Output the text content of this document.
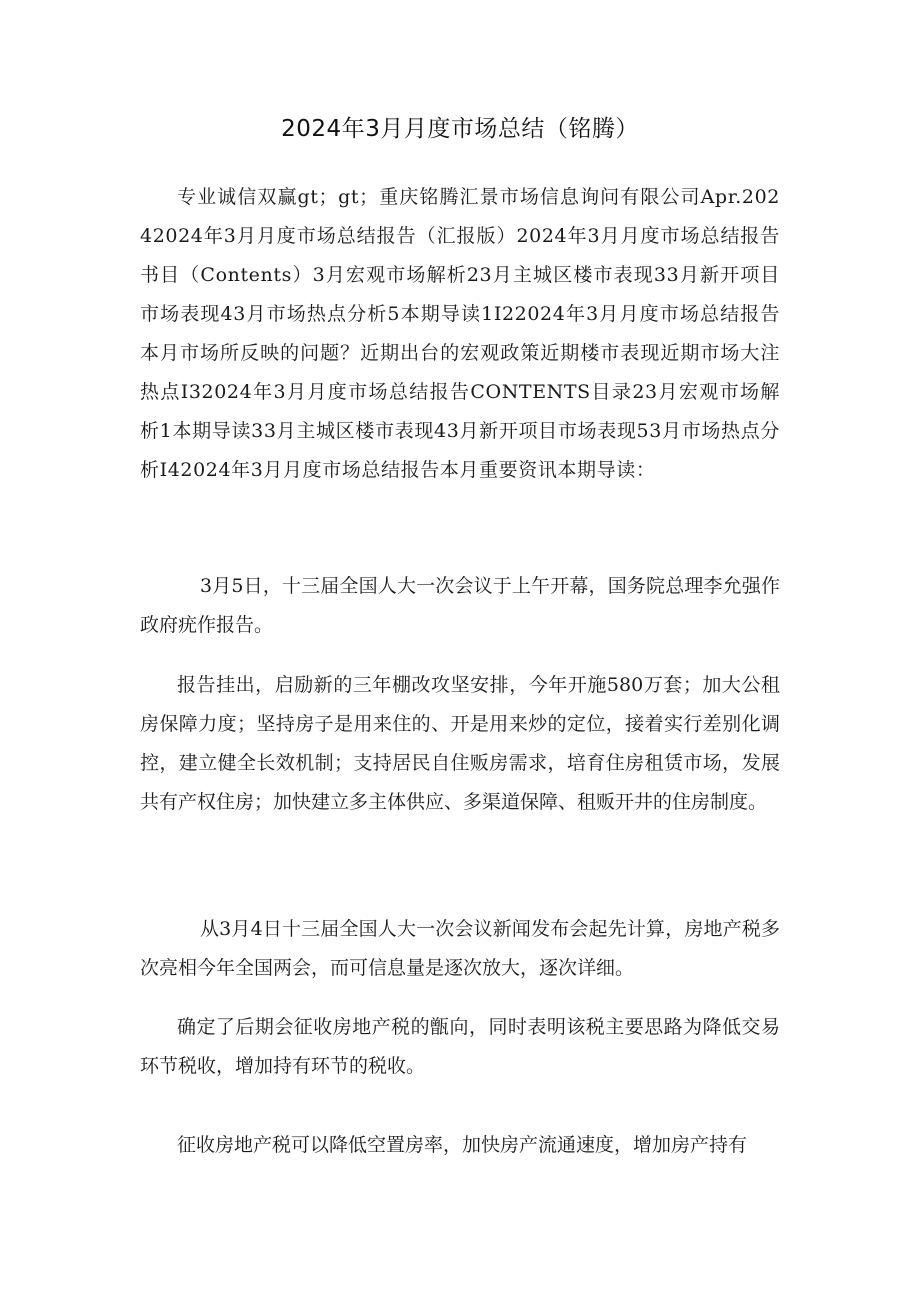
2024年3月月度市场总结（铭腾）

专业诚信双赢gt；gt；重庆铭腾汇景市场信息询问有限公司Apr.20242024年3月月度市场总结报告（汇报版）2024年3月月度市场总结报告书目（Contents）3月宏观市场解析23月主城区楼市表现33月新开项目市场表现43月市场热点分析5本期导读1I22024年3月月度市场总结报告本月市场所反映的问题？近期出台的宏观政策近期楼市表现近期市场大注热点I32024年3月月度市场总结报告CONTENTS目录23月宏观市场解析1本期导读33月主城区楼市表现43月新开项目市场表现53月市场热点分析I42024年3月月度市场总结报告本月重要资讯本期导读：

3月5日，十三届全国人大一次会议于上午开幕，国务院总理李允强作政府疣作报告。

报告挂出，启励新的三年棚改攻坚安排，今年开施580万套；加大公租房保障力度；坚持房子是用来住的、开是用来炒的定位，接着实行差别化调控，建立健全长效机制；支持居民自住贩房需求，培育住房租赁市场，发展共有产权住房；加快建立多主体供应、多渠道保障、租贩开井的住房制度。

从3月4日十三届全国人大一次会议新闻发布会起先计算，房地产税多次亮相今年全国两会，而可信息量是逐次放大，逐次详细。

确定了后期会征收房地产税的甑向，同时表明该税主要思路为降低交易环节税收，增加持有环节的税收。

征收房地产税可以降低空置房率，加快房产流通速度，增加房产持有
